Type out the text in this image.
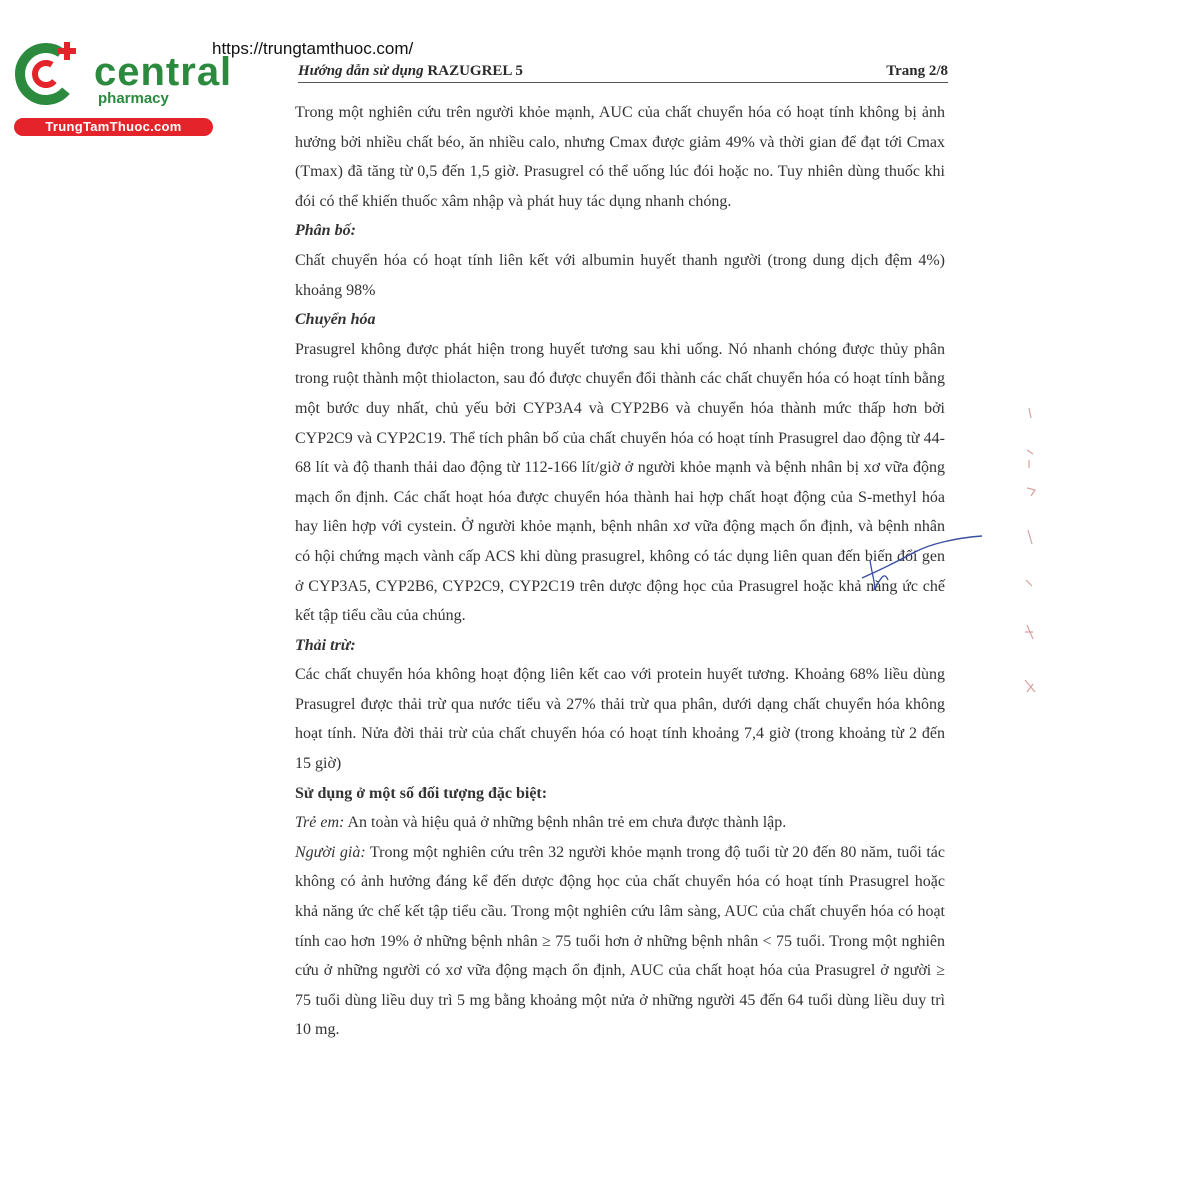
central
pharmacy
TrungTamThuoc.com
https://trungtamthuoc.com/
Hướng dẫn sử dụng RAZUGREL 5	Trang 2/8

Trong một nghiên cứu trên người khỏe mạnh, AUC của chất chuyển hóa có hoạt tính không bị ảnh hưởng bởi nhiều chất béo, ăn nhiều calo, nhưng Cmax được giảm 49% và thời gian để đạt tới Cmax (Tmax) đã tăng từ 0,5 đến 1,5 giờ. Prasugrel có thể uống lúc đói hoặc no. Tuy nhiên dùng thuốc khi đói có thể khiến thuốc xâm nhập và phát huy tác dụng nhanh chóng.

Phân bố:

Chất chuyển hóa có hoạt tính liên kết với albumin huyết thanh người (trong dung dịch đệm 4%) khoảng 98%

Chuyển hóa

Prasugrel không được phát hiện trong huyết tương sau khi uống. Nó nhanh chóng được thủy phân trong ruột thành một thiolacton, sau đó được chuyển đổi thành các chất chuyển hóa có hoạt tính bằng một bước duy nhất, chủ yếu bởi CYP3A4 và CYP2B6 và chuyển hóa thành mức thấp hơn bởi CYP2C9 và CYP2C19. Thể tích phân bố của chất chuyển hóa có hoạt tính Prasugrel dao động từ 44-68 lít và độ thanh thải dao động từ 112-166 lít/giờ ở người khỏe mạnh và bệnh nhân bị xơ vữa động mạch ổn định. Các chất hoạt hóa được chuyển hóa thành hai hợp chất hoạt động của S-methyl hóa hay liên hợp với cystein. Ở người khỏe mạnh, bệnh nhân xơ vữa động mạch ổn định, và bệnh nhân có hội chứng mạch vành cấp ACS khi dùng prasugrel, không có tác dụng liên quan đến biến đổi gen ở CYP3A5, CYP2B6, CYP2C9, CYP2C19 trên dược động học của Prasugrel hoặc khả năng ức chế kết tập tiểu cầu của chúng.

Thải trừ:

Các chất chuyển hóa không hoạt động liên kết cao với protein huyết tương. Khoảng 68% liều dùng Prasugrel được thải trừ qua nước tiểu và 27% thải trừ qua phân, dưới dạng chất chuyển hóa không hoạt tính. Nửa đời thải trừ của chất chuyển hóa có hoạt tính khoảng 7,4 giờ (trong khoảng từ 2 đến 15 giờ)

Sử dụng ở một số đối tượng đặc biệt:

Trẻ em: An toàn và hiệu quả ở những bệnh nhân trẻ em chưa được thành lập.

Người già: Trong một nghiên cứu trên 32 người khỏe mạnh trong độ tuổi từ 20 đến 80 năm, tuổi tác không có ảnh hưởng đáng kể đến dược động học của chất chuyển hóa có hoạt tính Prasugrel hoặc khả năng ức chế kết tập tiểu cầu. Trong một nghiên cứu lâm sàng, AUC của chất chuyển hóa có hoạt tính cao hơn 19% ở những bệnh nhân ≥ 75 tuổi hơn ở những bệnh nhân < 75 tuổi. Trong một nghiên cứu ở những người có xơ vữa động mạch ổn định, AUC của chất hoạt hóa của Prasugrel ở người ≥ 75 tuổi dùng liều duy trì 5 mg bằng khoảng một nửa ở những người 45 đến 64 tuổi dùng liều duy trì 10 mg.
